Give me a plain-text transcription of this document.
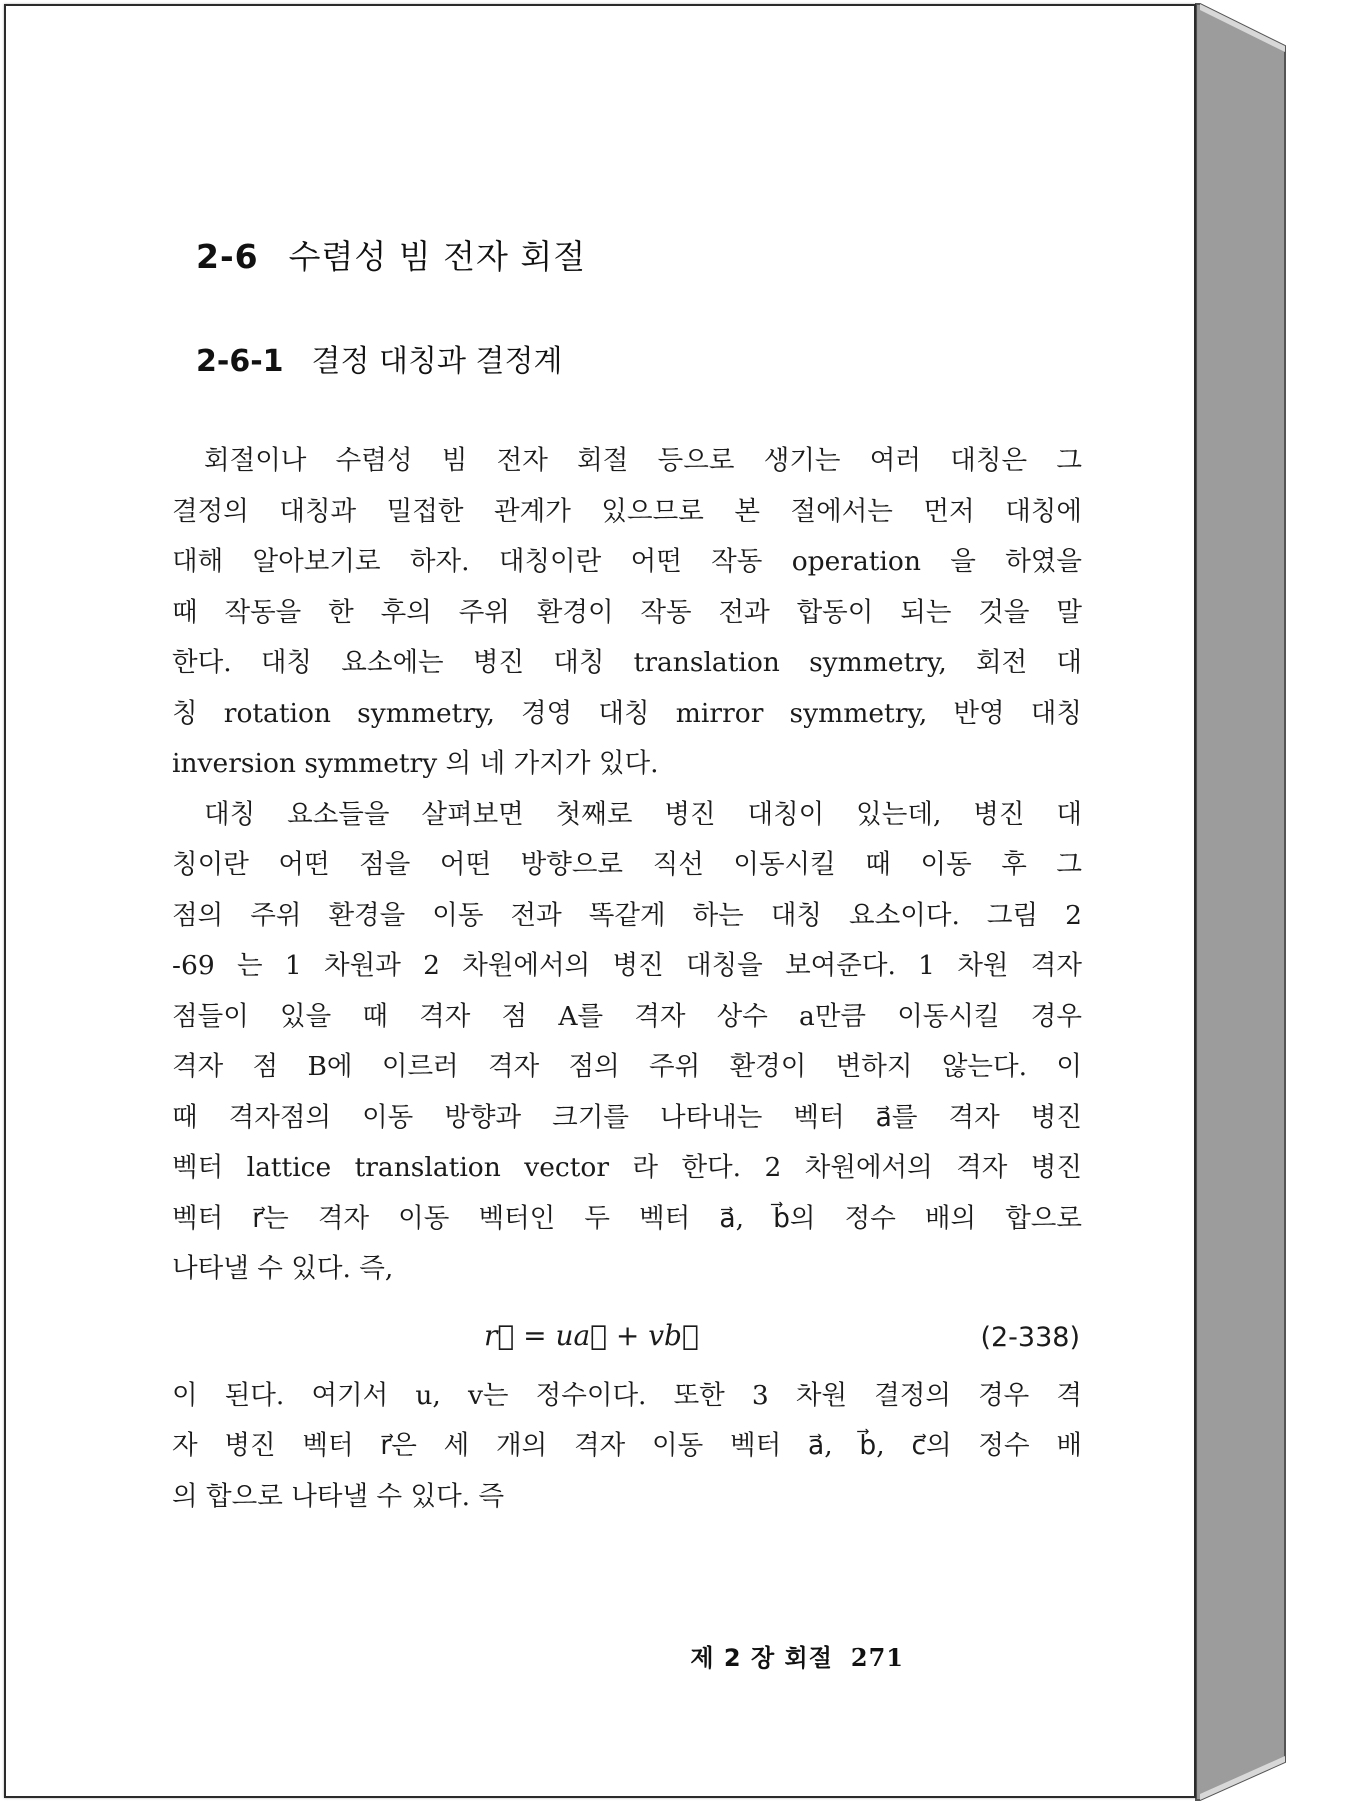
2-6 수렴성 빔 전자 회절
2-6-1 결정 대칭과 결정계
회절이나 수렴성 빔 전자 회절 등으로 생기는 여러 대칭은 그
결정의 대칭과 밀접한 관계가 있으므로 본 절에서는 먼저 대칭에
대해 알아보기로 하자. 대칭이란 어떤 작동 operation 을 하였을
때 작동을 한 후의 주위 환경이 작동 전과 합동이 되는 것을 말
한다. 대칭 요소에는 병진 대칭 translation symmetry, 회전 대
칭 rotation symmetry, 경영 대칭 mirror symmetry, 반영 대칭
inversion symmetry 의 네 가지가 있다.
대칭 요소들을 살펴보면 첫째로 병진 대칭이 있는데, 병진 대
칭이란 어떤 점을 어떤 방향으로 직선 이동시킬 때 이동 후 그
점의 주위 환경을 이동 전과 똑같게 하는 대칭 요소이다. 그림 2
-69 는 1 차원과 2 차원에서의 병진 대칭을 보여준다. 1 차원 격자
점들이 있을 때 격자 점 A를 격자 상수 a만큼 이동시킬 경우
격자 점 B에 이르러 격자 점의 주위 환경이 변하지 않는다. 이
때 격자점의 이동 방향과 크기를 나타내는 벡터 a⃗를 격자 병진
벡터 lattice translation vector 라 한다. 2 차원에서의 격자 병진
벡터 r⃗는 격자 이동 벡터인 두 벡터 a⃗, b⃗의 정수 배의 합으로
나타낼 수 있다. 즉,
r⃗ = ua⃗ + vb⃗	(2-338)
이 된다. 여기서 u, v는 정수이다. 또한 3 차원 결정의 경우 격
자 병진 벡터 r⃗은 세 개의 격자 이동 벡터 a⃗, b⃗, c⃗의 정수 배
의 합으로 나타낼 수 있다. 즉
제 2 장 회절 271
